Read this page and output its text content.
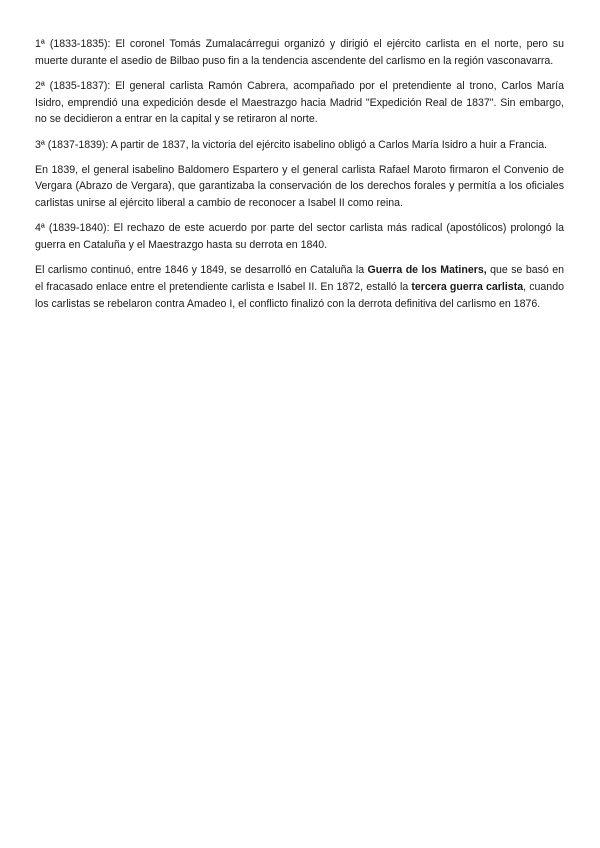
1ª (1833-1835): El coronel Tomás Zumalacárregui organizó y dirigió el ejército carlista en el norte, pero su muerte durante el asedio de Bilbao puso fin a la tendencia ascendente del carlismo en la región vasconavarra.

2ª (1835-1837): El general carlista Ramón Cabrera, acompañado por el pretendiente al trono, Carlos María Isidro, emprendió una expedición desde el Maestrazgo hacia Madrid "Expedición Real de 1837". Sin embargo, no se decidieron a entrar en la capital y se retiraron al norte.

3ª (1837-1839): A partir de 1837, la victoria del ejército isabelino obligó a Carlos María Isidro a huir a Francia.

En 1839, el general isabelino Baldomero Espartero y el general carlista Rafael Maroto firmaron el Convenio de Vergara (Abrazo de Vergara), que garantizaba la conservación de los derechos forales y permitía a los oficiales carlistas unirse al ejército liberal a cambio de reconocer a Isabel II como reina.

4ª (1839-1840): El rechazo de este acuerdo por parte del sector carlista más radical (apostólicos) prolongó la guerra en Cataluña y el Maestrazgo hasta su derrota en 1840.

El carlismo continuó, entre 1846 y 1849, se desarrolló en Cataluña la Guerra de los Matiners, que se basó en el fracasado enlace entre el pretendiente carlista e Isabel II. En 1872, estalló la tercera guerra carlista, cuando los carlistas se rebelaron contra Amadeo I, el conflicto finalizó con la derrota definitiva del carlismo en 1876.
